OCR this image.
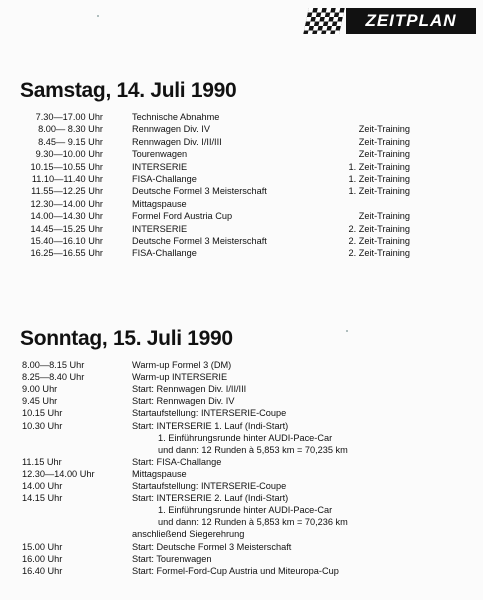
ZEITPLAN
Samstag, 14. Juli 1990
7.30—17.00 Uhr	Technische Abnahme
8.00— 8.30 Uhr	Rennwagen Div. IV	Zeit-Training
8.45— 9.15 Uhr	Rennwagen Div. I/II/III	Zeit-Training
9.30—10.00 Uhr	Tourenwagen	Zeit-Training
10.15—10.55 Uhr	INTERSERIE	1. Zeit-Training
11.10—11.40 Uhr	FISA-Challange	1. Zeit-Training
11.55—12.25 Uhr	Deutsche Formel 3 Meisterschaft	1. Zeit-Training
12.30—14.00 Uhr	Mittagspause
14.00—14.30 Uhr	Formel Ford Austria Cup	Zeit-Training
14.45—15.25 Uhr	INTERSERIE	2. Zeit-Training
15.40—16.10 Uhr	Deutsche Formel 3 Meisterschaft	2. Zeit-Training
16.25—16.55 Uhr	FISA-Challange	2. Zeit-Training
Sonntag, 15. Juli 1990
8.00—8.15 Uhr	Warm-up Formel 3 (DM)
8.25—8.40 Uhr	Warm-up INTERSERIE
9.00 Uhr	Start: Rennwagen Div. I/II/III
9.45 Uhr	Start: Rennwagen Div. IV
10.15 Uhr	Startaufstellung: INTERSERIE-Coupe
10.30 Uhr	Start: INTERSERIE 1. Lauf (Indi-Start)
1. Einführungsrunde hinter AUDI-Pace-Car
und dann: 12 Runden à 5,853 km = 70,235 km
11.15 Uhr	Start: FISA-Challange
12.30—14.00 Uhr	Mittagspause
14.00 Uhr	Startaufstellung: INTERSERIE-Coupe
14.15 Uhr	Start: INTERSERIE 2. Lauf (Indi-Start)
1. Einführungsrunde hinter AUDI-Pace-Car
und dann: 12 Runden à 5,853 km = 70,236 km
anschließend Siegerehrung
15.00 Uhr	Start: Deutsche Formel 3 Meisterschaft
16.00 Uhr	Start: Tourenwagen
16.40 Uhr	Start: Formel-Ford-Cup Austria und Miteuropa-Cup
